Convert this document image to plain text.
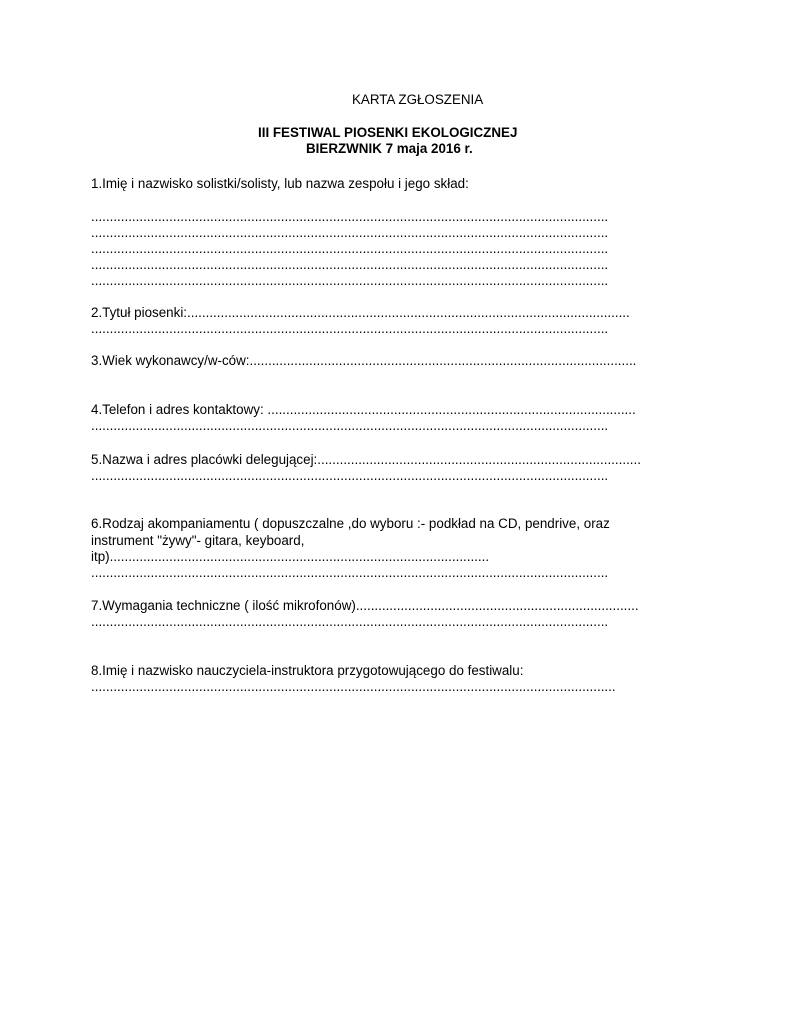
KARTA ZGŁOSZENIA
III FESTIWAL PIOSENKI EKOLOGICZNEJ
BIERZWNIK 7 maja 2016 r.
1.Imię i nazwisko solistki/solisty, lub nazwa zespołu i jego skład:
...........................................................................................................................................
...........................................................................................................................................
...........................................................................................................................................
...........................................................................................................................................
...........................................................................................................................................
2.Tytuł piosenki:.......................................................................................................................
...........................................................................................................................................
3.Wiek wykonawcy/w-ców:........................................................................................................
4.Telefon i adres kontaktowy: ...................................................................................................
...........................................................................................................................................
5.Nazwa i adres placówki delegującej:.......................................................................................
...........................................................................................................................................
6.Rodzaj akompaniamentu ( dopuszczalne ,do wyboru :- podkład na CD, pendrive, oraz
instrument "żywy"- gitara, keyboard,
itp)......................................................................................................
...........................................................................................................................................
7.Wymagania techniczne ( ilość mikrofonów)............................................................................
...........................................................................................................................................
8.Imię i nazwisko nauczyciela-instruktora przygotowującego do festiwalu:
.............................................................................................................................................
